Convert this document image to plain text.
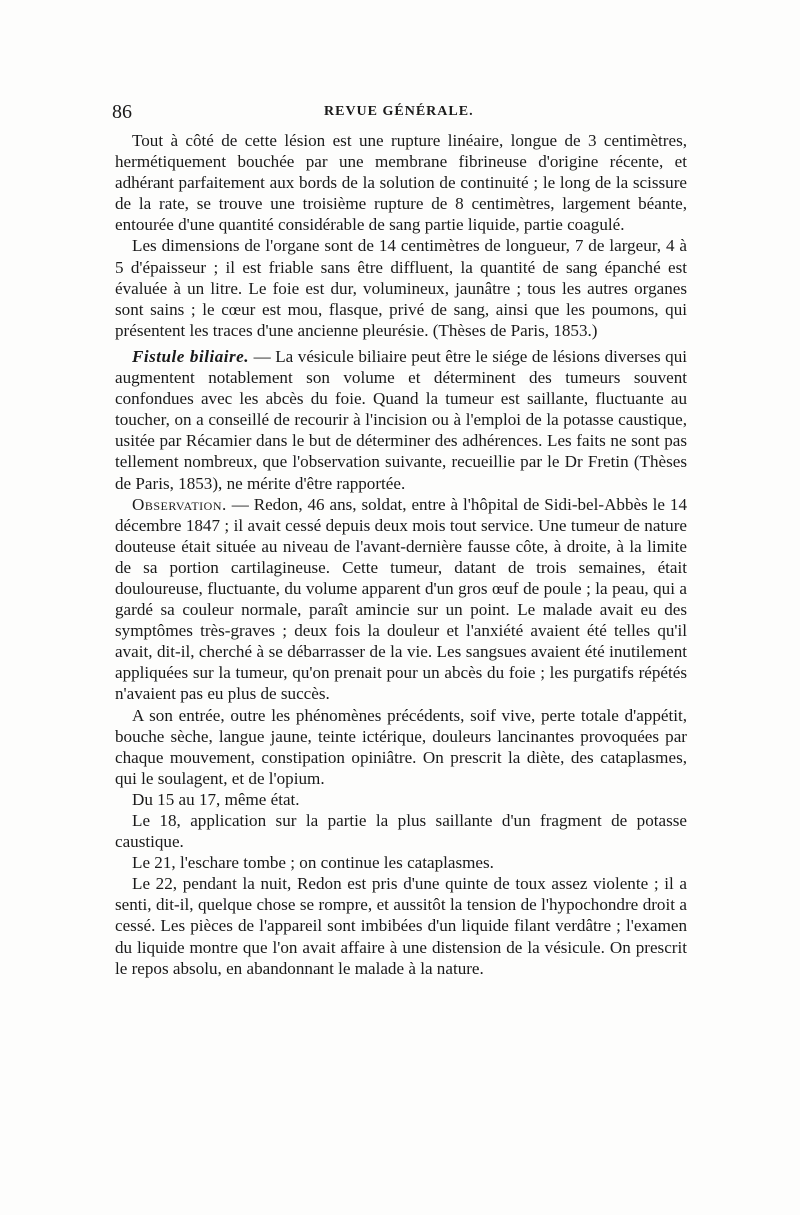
86	REVUE GÉNÉRALE.

Tout à côté de cette lésion est une rupture linéaire, longue de 3 centimètres, hermétiquement bouchée par une membrane fibrineuse d'origine récente, et adhérant parfaitement aux bords de la solution de continuité ; le long de la scissure de la rate, se trouve une troisième rupture de 8 centimètres, largement béante, entourée d'une quantité considérable de sang partie liquide, partie coagulé.

Les dimensions de l'organe sont de 14 centimètres de longueur, 7 de largeur, 4 à 5 d'épaisseur ; il est friable sans être diffluent, la quantité de sang épanché est évaluée à un litre. Le foie est dur, volumineux, jaunâtre ; tous les autres organes sont sains ; le cœur est mou, flasque, privé de sang, ainsi que les poumons, qui présentent les traces d'une ancienne pleurésie. (Thèses de Paris, 1853.)

Fistule biliaire. — La vésicule biliaire peut être le siége de lésions diverses qui augmentent notablement son volume et déterminent des tumeurs souvent confondues avec les abcès du foie. Quand la tumeur est saillante, fluctuante au toucher, on a conseillé de recourir à l'incision ou à l'emploi de la potasse caustique, usitée par Récamier dans le but de déterminer des adhérences. Les faits ne sont pas tellement nombreux, que l'observation suivante, recueillie par le Dr Fretin (Thèses de Paris, 1853), ne mérite d'être rapportée.

Observation. — Redon, 46 ans, soldat, entre à l'hôpital de Sidi-bel-Abbès le 14 décembre 1847 ; il avait cessé depuis deux mois tout service. Une tumeur de nature douteuse était située au niveau de l'avant-dernière fausse côte, à droite, à la limite de sa portion cartilagineuse. Cette tumeur, datant de trois semaines, était douloureuse, fluctuante, du volume apparent d'un gros œuf de poule ; la peau, qui a gardé sa couleur normale, paraît amincie sur un point. Le malade avait eu des symptômes très-graves ; deux fois la douleur et l'anxiété avaient été telles qu'il avait, dit-il, cherché à se débarrasser de la vie. Les sangsues avaient été inutilement appliquées sur la tumeur, qu'on prenait pour un abcès du foie ; les purgatifs répétés n'avaient pas eu plus de succès.

A son entrée, outre les phénomènes précédents, soif vive, perte totale d'appétit, bouche sèche, langue jaune, teinte ictérique, douleurs lancinantes provoquées par chaque mouvement, constipation opiniâtre. On prescrit la diète, des cataplasmes, qui le soulagent, et de l'opium.

Du 15 au 17, même état.

Le 18, application sur la partie la plus saillante d'un fragment de potasse caustique.

Le 21, l'eschare tombe ; on continue les cataplasmes.

Le 22, pendant la nuit, Redon est pris d'une quinte de toux assez violente ; il a senti, dit-il, quelque chose se rompre, et aussitôt la tension de l'hypochondre droit a cessé. Les pièces de l'appareil sont imbibées d'un liquide filant verdâtre ; l'examen du liquide montre que l'on avait affaire à une distension de la vésicule. On prescrit le repos absolu, en abandonnant le malade à la nature.
